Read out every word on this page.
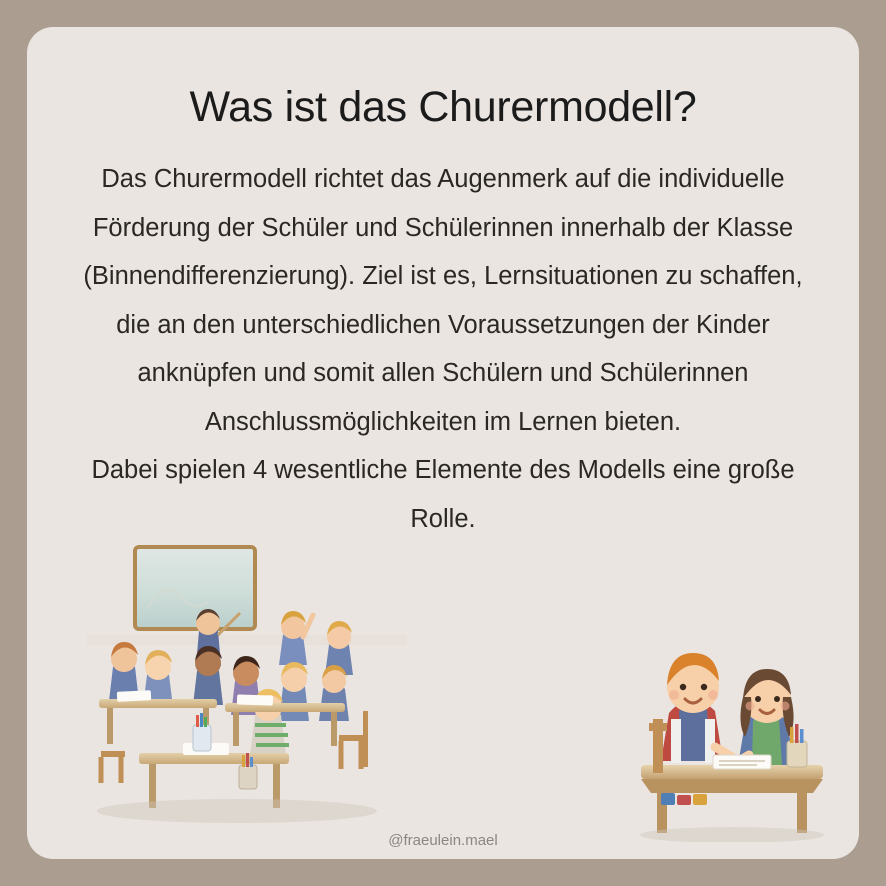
Was ist das Churermodell?

Das Churermodell richtet das Augenmerk auf die individuelle Förderung der Schüler und Schülerinnen innerhalb der Klasse (Binnendifferenzierung). Ziel ist es, Lernsituationen zu schaffen, die an den unterschiedlichen Voraussetzungen der Kinder anknüpfen und somit allen Schülern und Schülerinnen Anschlussmöglichkeiten im Lernen bieten.

Dabei spielen 4 wesentliche Elemente des Modells eine große Rolle.

@fraeulein.mael
